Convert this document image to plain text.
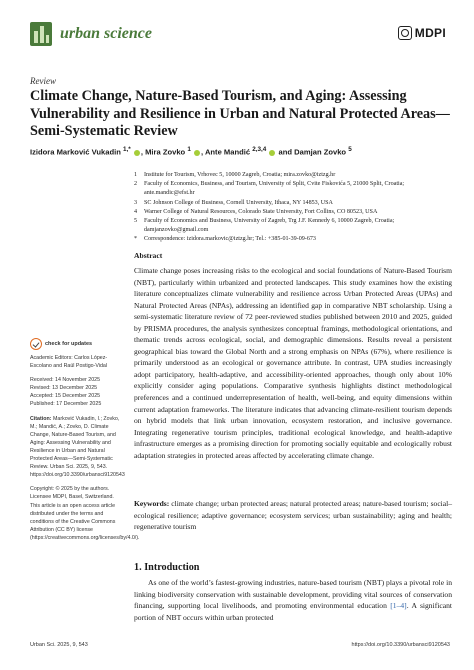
urban science	MDPI
Review
Climate Change, Nature-Based Tourism, and Aging: Assessing Vulnerability and Resilience in Urban and Natural Protected Areas—Semi-Systematic Review
Izidora Marković Vukadin $^{1,*}$ , Mira Zovko $^1$ , Ante Mandić $^{2,3,4}$  and Damjan Zovko $^5$
1	Institute for Tourism, Vrhovec 5, 10000 Zagreb, Croatia; mira.zovko@iztzg.hr
2	Faculty of Economics, Business, and Tourism, University of Split, Cvite Fiskovića 5, 21000 Split, Croatia;
ante.mandic@efst.hr
3	SC Johnson College of Business, Cornell University, Ithaca, NY 14853, USA
4	Warner College of Natural Resources, Colorado State University, Fort Collins, CO 80523, USA
5	Faculty of Economics and Business, University of Zagreb, Trg J.F. Kennedy 6, 10000 Zagreb, Croatia;
damjanzovko@gmail.com
*	Correspondence: izidora.markovic@iztzg.hr; Tel.: +385-01-39-09-673
Abstract

Climate change poses increasing risks to the ecological and social foundations of Nature-Based Tourism (NBT), particularly within urbanized and protected landscapes. This study examines how the existing literature conceptualizes climate vulnerability and resilience across Urban Protected Areas (UPAs) and Natural Protected Areas (NPAs), addressing an identified gap in comparative NBT scholarship. Using a semi-systematic literature review of 72 peer-reviewed studies published between 2010 and 2025, guided by PRISMA procedures, the analysis synthesizes conceptual framings, methodological orientations, and thematic trends across ecological, social, and demographic dimensions. Results reveal a persistent geographical bias toward the Global North and a strong emphasis on NPAs (67%), where resilience is primarily understood as an ecological or governance attribute. In contrast, UPA studies increasingly adopt participatory, health-adaptive, and accessibility-oriented approaches, though only about 10% explicitly consider aging populations. Comparative synthesis highlights distinct methodological preferences and a continued underrepresentation of health, well-being, and equity dimensions within current adaptation frameworks. The literature indicates that advancing climate-resilient tourism depends on hybrid models that link urban innovation, ecosystem restoration, and inclusive governance. Integrating regenerative tourism principles, traditional ecological knowledge, and health-adaptive infrastructure emerges as a promising direction for promoting socially equitable and ecologically robust adaptation strategies in protected areas affected by accelerating climate change.

Keywords: climate change; urban protected areas; natural protected areas; nature-based tourism; social–ecological resilience; adaptive governance; ecosystem services; urban sustainability; aging and health; regenerative tourism

check for updates
Academic Editors: Carlos López-Escolano and Raúl Postigo-Vidal
Received: 14 November 2025
Revised: 13 December 2025
Accepted: 15 December 2025
Published: 17 December 2025
Citation: Marković Vukadin, I.; Zovko, M.; Mandić, A.; Zovko, D. Climate Change, Nature-Based Tourism, and Aging: Assessing Vulnerability and Resilience in Urban and Natural Protected Areas—Semi-Systematic Review. Urban Sci. 2025, 9, 543. https://doi.org/10.3390/urbansci9120543
Copyright: © 2025 by the authors. Licensee MDPI, Basel, Switzerland. This article is an open access article distributed under the terms and conditions of the Creative Commons Attribution (CC BY) license (https://creativecommons.org/licenses/by/4.0/).
1. Introduction

As one of the world’s fastest-growing industries, nature-based tourism (NBT) plays a pivotal role in linking biodiversity conservation with sustainable development, providing vital sources of conservation financing, supporting local livelihoods, and promoting environmental education [1–4]. A significant portion of NBT occurs within urban protected

Urban Sci. 2025, 9, 543	https://doi.org/10.3390/urbansci9120543
